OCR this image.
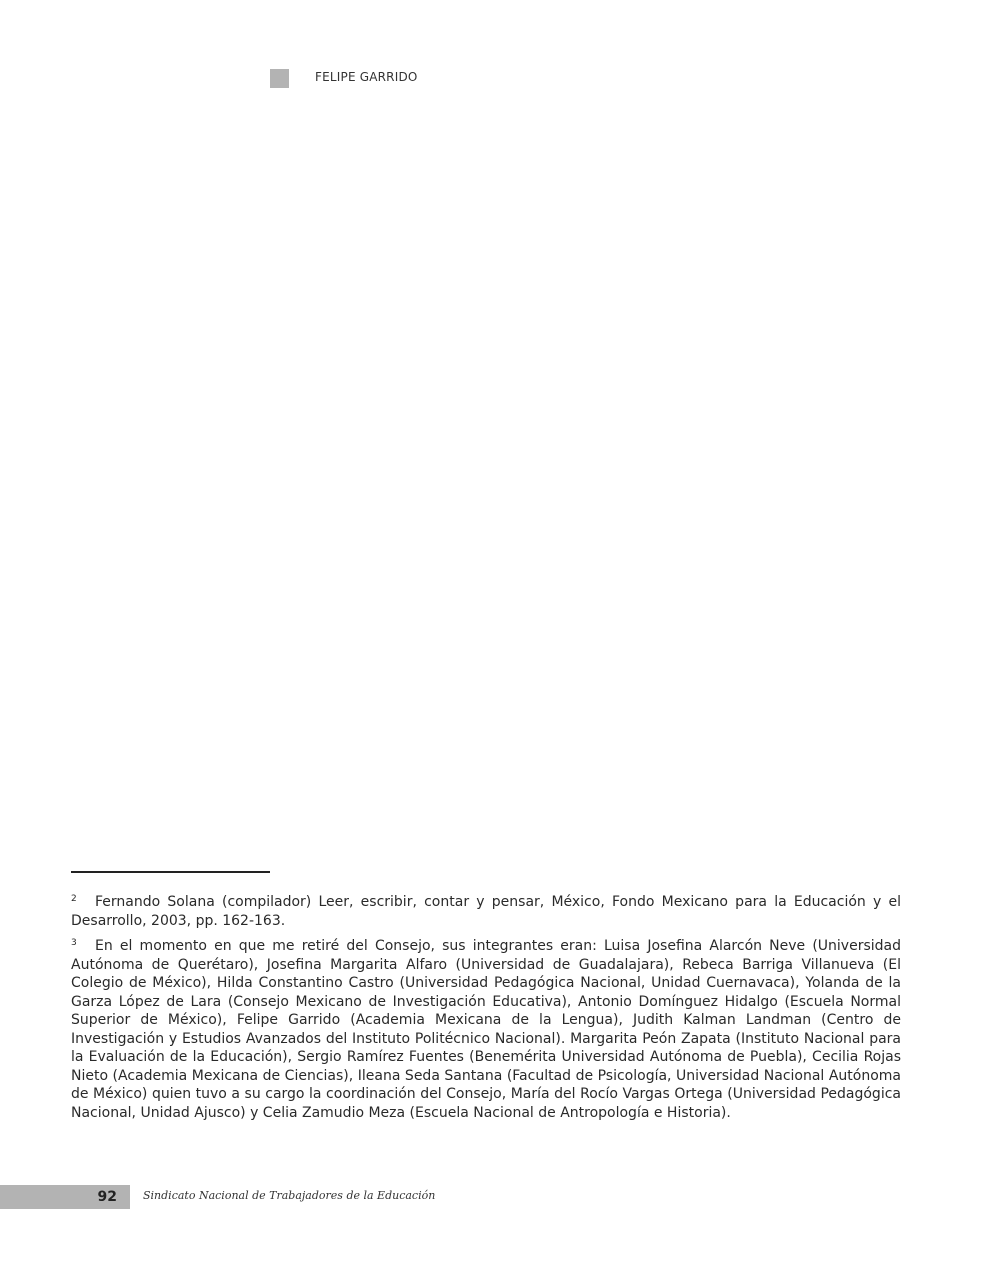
FELIPE GARRIDO

2 Fernando Solana (compilador) Leer, escribir, contar y pensar, México, Fondo Mexicano para la Educación y el Desarrollo, 2003, pp. 162-163.

3 En el momento en que me retiré del Consejo, sus integrantes eran: Luisa Josefina Alarcón Neve (Universidad Autónoma de Querétaro), Josefina Margarita Alfaro (Universidad de Guadalajara), Rebeca Barriga Villanueva (El Colegio de México), Hilda Constantino Castro (Universidad Pedagógica Nacional, Unidad Cuernavaca), Yolanda de la Garza López de Lara (Consejo Mexicano de Investigación Educativa), Antonio Domínguez Hidalgo (Escuela Normal Superior de México), Felipe Garrido (Academia Mexicana de la Lengua), Judith Kalman Landman (Centro de Investigación y Estudios Avanzados del Instituto Politécnico Nacional). Margarita Peón Zapata (Instituto Nacional para la Evaluación de la Educación), Sergio Ramírez Fuentes (Benemérita Universidad Autónoma de Puebla), Cecilia Rojas Nieto (Academia Mexicana de Ciencias), Ileana Seda Santana (Facultad de Psicología, Universidad Nacional Autónoma de México) quien tuvo a su cargo la coordinación del Consejo, María del Rocío Vargas Ortega (Universidad Pedagógica Nacional, Unidad Ajusco) y Celia Zamudio Meza (Escuela Nacional de Antropología e Historia).

92 Sindicato Nacional de Trabajadores de la Educación
